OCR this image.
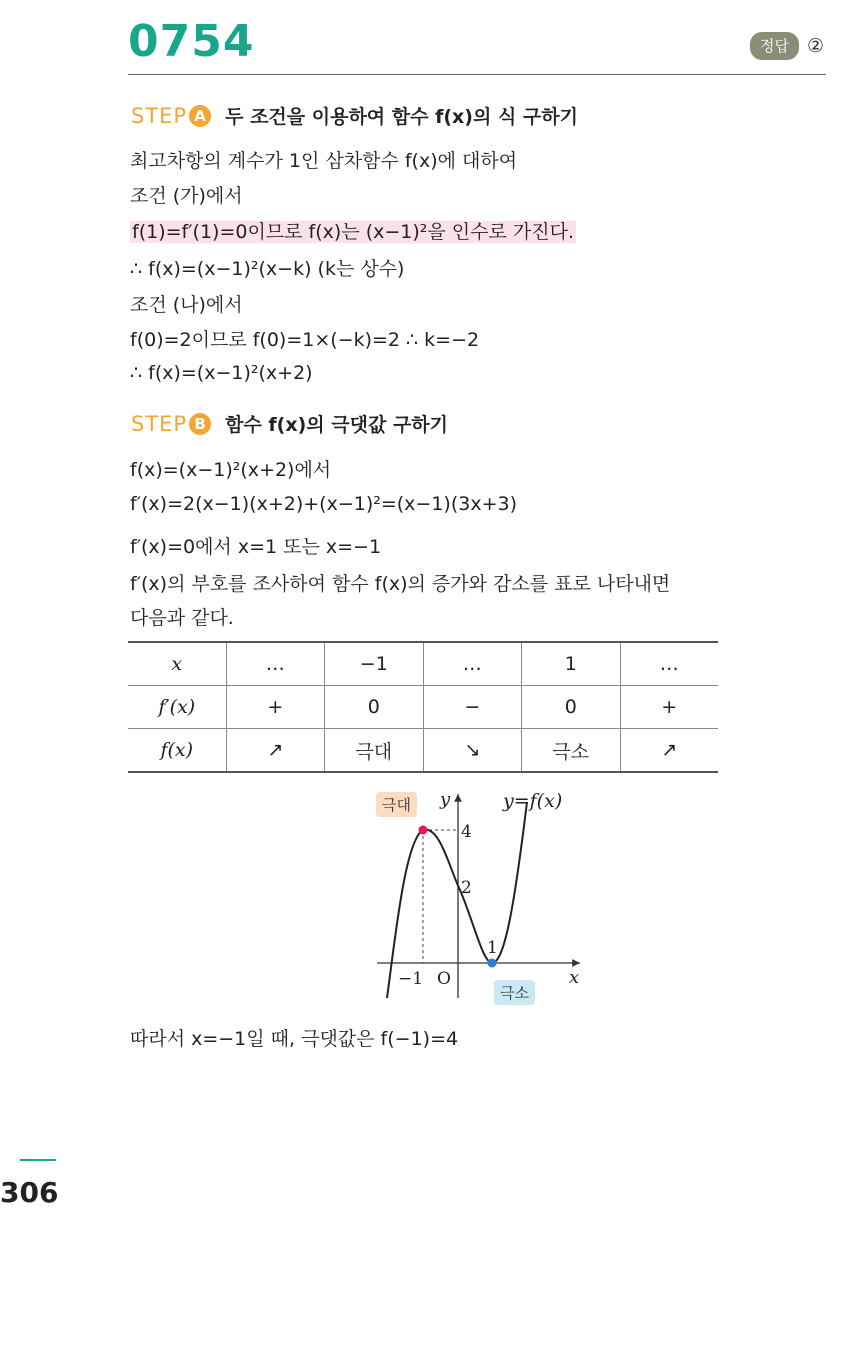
0754	정답 ②
STEP A 두 조건을 이용하여 함수 f(x)의 식 구하기
최고차항의 계수가 1인 삼차함수 f(x)에 대하여
조건 (가)에서
f(1)=f′(1)=0이므로 f(x)는 (x−1)²을 인수로 가진다.
∴ f(x)=(x−1)²(x−k) (k는 상수)
조건 (나)에서
f(0)=2이므로 f(0)=1×(−k)=2 ∴ k=−2
∴ f(x)=(x−1)²(x+2)
STEP B 함수 f(x)의 극댓값 구하기
f(x)=(x−1)²(x+2)에서
f′(x)=2(x−1)(x+2)+(x−1)²=(x−1)(3x+3)
f′(x)=0에서 x=1 또는 x=−1
f′(x)의 부호를 조사하여 함수 f(x)의 증가와 감소를 표로 나타내면
다음과 같다.
x	…	−1	…	1	…
f′(x)	+	0	−	0	+
f(x)	↗	극대	↘	극소	↗
y=f(x)
y
x
4
2
1
−1 O
극대
극소
따라서 x=−1일 때, 극댓값은 f(−1)=4
306
